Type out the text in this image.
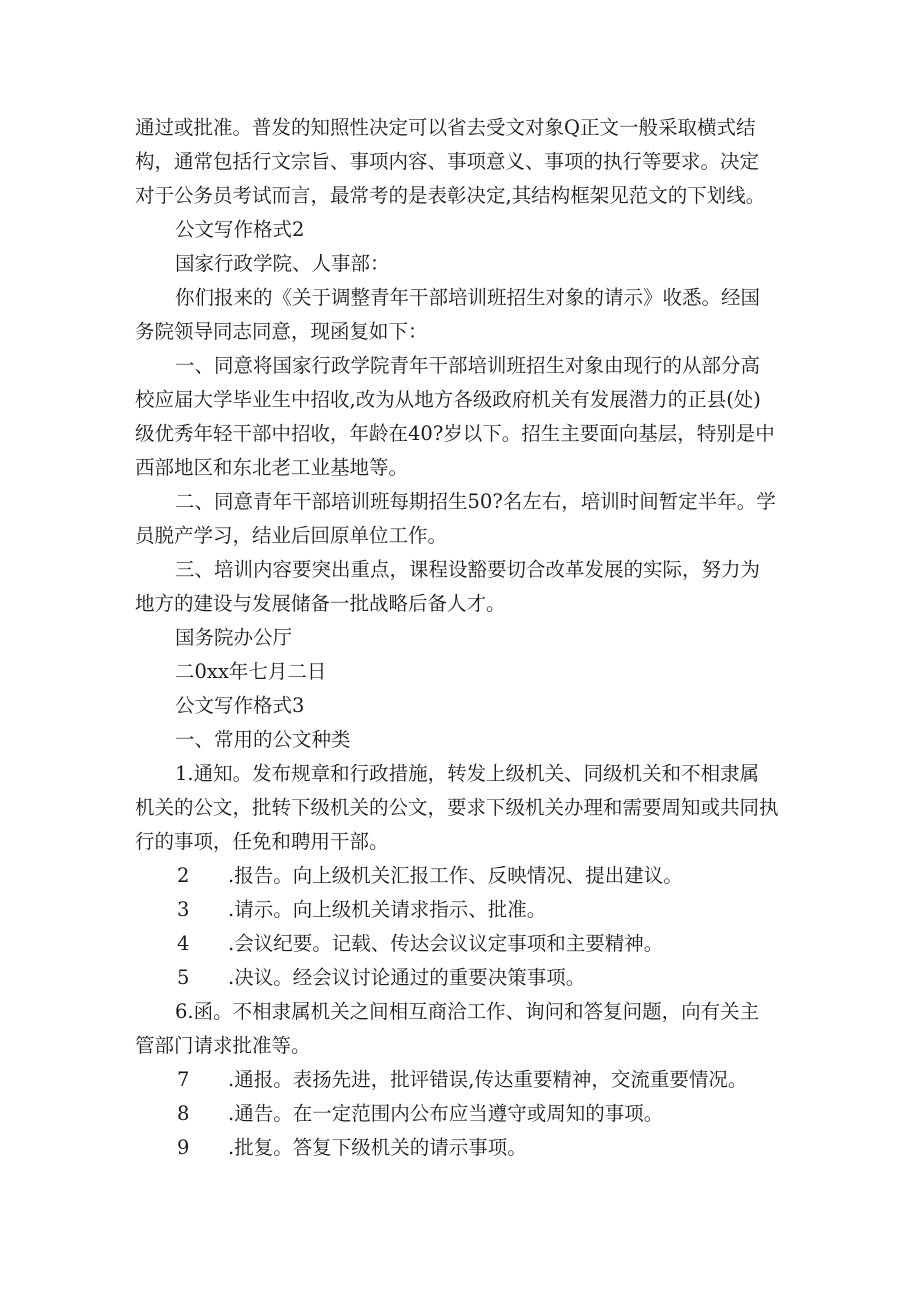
通过或批准。普发的知照性决定可以省去受文对象Q正文一般采取横式结
构，通常包括行文宗旨、事项内容、事项意义、事项的执行等要求。决定
对于公务员考试而言，最常考的是表彰决定,其结构框架见范文的下划线。
公文写作格式2
国家行政学院、人事部：
你们报来的《关于调整青年干部培训班招生对象的请示》收悉。经国
务院领导同志同意，现函复如下：
一、同意将国家行政学院青年干部培训班招生对象由现行的从部分高
校应届大学毕业生中招收,改为从地方各级政府机关有发展潜力的正县(处)
级优秀年轻干部中招收，年龄在40?岁以下。招生主要面向基层，特别是中
西部地区和东北老工业基地等。
二、同意青年干部培训班每期招生50?名左右，培训时间暂定半年。学
员脱产学习，结业后回原单位工作。
三、培训内容要突出重点，课程设豁要切合改革发展的实际，努力为
地方的建设与发展储备一批战略后备人才。
国务院办公厅
二0xx年七月二日
公文写作格式3
一、常用的公文种类
1.通知。发布规章和行政措施，转发上级机关、同级机关和不相隶属
机关的公文，批转下级机关的公文，要求下级机关办理和需要周知或共同执
行的事项，任免和聘用干部。
2 .报告。向上级机关汇报工作、反映情况、提出建议。
3 .请示。向上级机关请求指示、批准。
4 .会议纪要。记载、传达会议议定事项和主要精神。
5 .决议。经会议讨论通过的重要决策事项。
6.函。不相隶属机关之间相互商洽工作、询问和答复问题，向有关主
管部门请求批准等。
7 .通报。表扬先进，批评错误,传达重要精神，交流重要情况。
8 .通告。在一定范围内公布应当遵守或周知的事项。
9 .批复。答复下级机关的请示事项。
